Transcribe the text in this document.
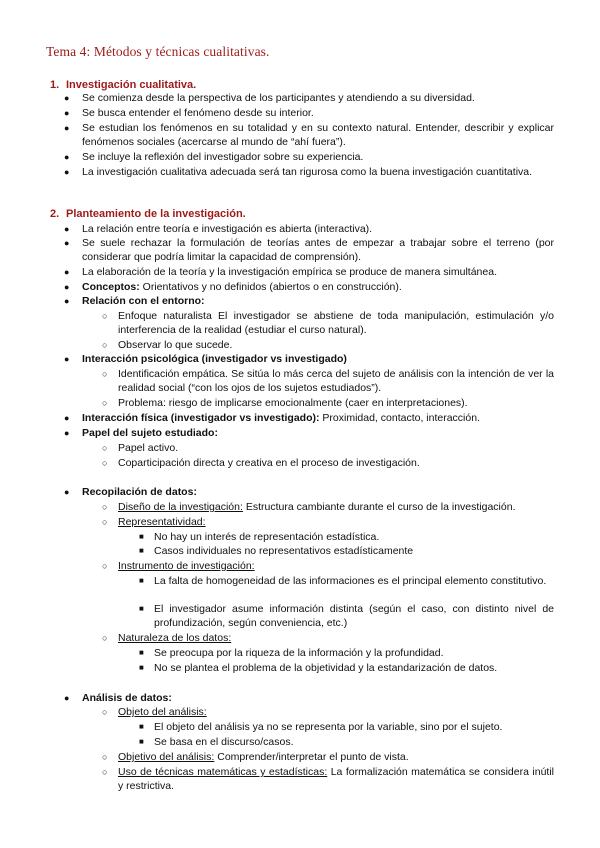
Tema 4: Métodos y técnicas cualitativas.
1. Investigación cualitativa.
● Se comienza desde la perspectiva de los participantes y atendiendo a su diversidad.
● Se busca entender el fenómeno desde su interior.
● Se estudian los fenómenos en su totalidad y en su contexto natural. Entender, describir y explicar fenómenos sociales (acercarse al mundo de “ahí fuera”).
● Se incluye la reflexión del investigador sobre su experiencia.
● La investigación cualitativa adecuada será tan rigurosa como la buena investigación cuantitativa.
2. Planteamiento de la investigación.
● La relación entre teoría e investigación es abierta (interactiva).
● Se suele rechazar la formulación de teorías antes de empezar a trabajar sobre el terreno (por considerar que podría limitar la capacidad de comprensión).
● La elaboración de la teoría y la investigación empírica se produce de manera simultánea.
● Conceptos: Orientativos y no definidos (abiertos o en construcción).
● Relación con el entorno:
○ Enfoque naturalista El investigador se abstiene de toda manipulación, estimulación y/o interferencia de la realidad (estudiar el curso natural).
○ Observar lo que sucede.
● Interacción psicológica (investigador vs investigado)
○ Identificación empática. Se sitúa lo más cerca del sujeto de análisis con la intención de ver la realidad social (“con los ojos de los sujetos estudiados”).
○ Problema: riesgo de implicarse emocionalmente (caer en interpretaciones).
● Interacción física (investigador vs investigado): Proximidad, contacto, interacción.
● Papel del sujeto estudiado:
○ Papel activo.
○ Coparticipación directa y creativa en el proceso de investigación.
● Recopilación de datos:
○ Diseño de la investigación: Estructura cambiante durante el curso de la investigación.
○ Representatividad:
■ No hay un interés de representación estadística.
■ Casos individuales no representativos estadísticamente
○ Instrumento de investigación:
■ La falta de homogeneidad de las informaciones es el principal elemento constitutivo.
■ El investigador asume información distinta (según el caso, con distinto nivel de profundización, según conveniencia, etc.)
○ Naturaleza de los datos:
■ Se preocupa por la riqueza de la información y la profundidad.
■ No se plantea el problema de la objetividad y la estandarización de datos.
● Análisis de datos:
○ Objeto del análisis:
■ El objeto del análisis ya no se representa por la variable, sino por el sujeto.
■ Se basa en el discurso/casos.
○ Objetivo del análisis: Comprender/interpretar el punto de vista.
○ Uso de técnicas matemáticas y estadísticas: La formalización matemática se considera inútil y restrictiva.
